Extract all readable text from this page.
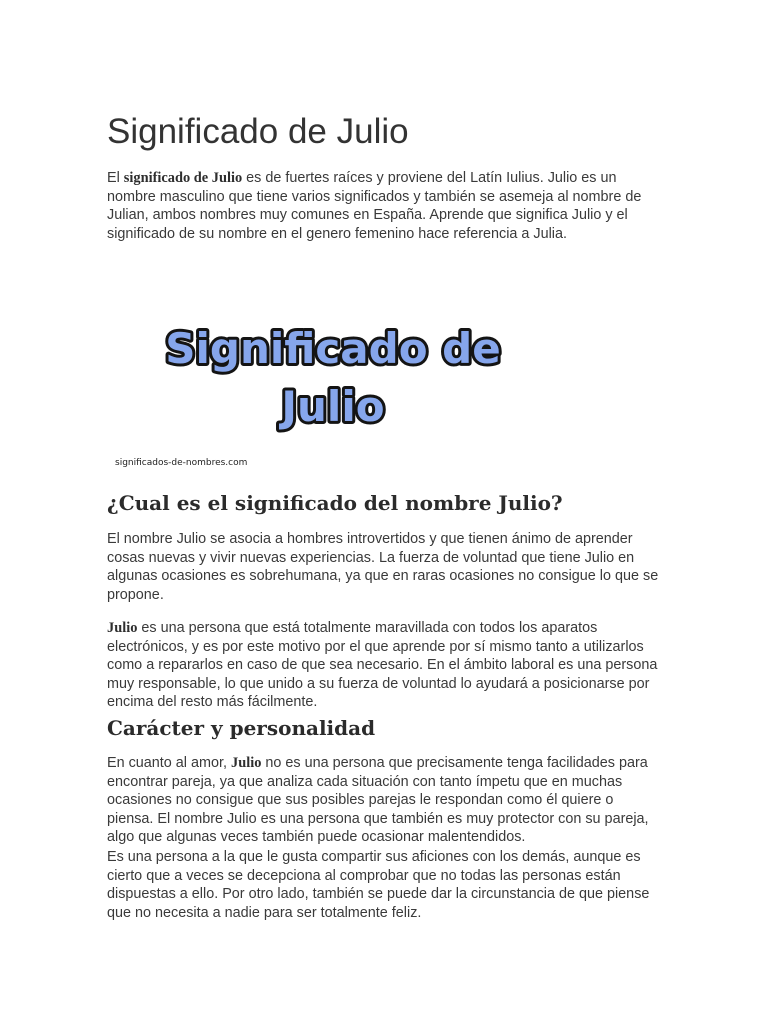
Significado de Julio

El significado de Julio es de fuertes raíces y proviene del Latín Iulius. Julio es un nombre masculino que tiene varios significados y también se asemeja al nombre de Julian, ambos nombres muy comunes en España. Aprende que significa Julio y el significado de su nombre en el genero femenino hace referencia a Julia.

Significado de
Julio
significados-de-nombres.com
¿Cual es el significado del nombre Julio?

El nombre Julio se asocia a hombres introvertidos y que tienen ánimo de aprender cosas nuevas y vivir nuevas experiencias. La fuerza de voluntad que tiene Julio en algunas ocasiones es sobrehumana, ya que en raras ocasiones no consigue lo que se propone.

Julio es una persona que está totalmente maravillada con todos los aparatos electrónicos, y es por este motivo por el que aprende por sí mismo tanto a utilizarlos como a repararlos en caso de que sea necesario. En el ámbito laboral es una persona muy responsable, lo que unido a su fuerza de voluntad lo ayudará a posicionarse por encima del resto más fácilmente.

Carácter y personalidad

En cuanto al amor, Julio no es una persona que precisamente tenga facilidades para encontrar pareja, ya que analiza cada situación con tanto ímpetu que en muchas ocasiones no consigue que sus posibles parejas le respondan como él quiere o piensa. El nombre Julio es una persona que también es muy protector con su pareja, algo que algunas veces también puede ocasionar malentendidos.

Es una persona a la que le gusta compartir sus aficiones con los demás, aunque es cierto que a veces se decepciona al comprobar que no todas las personas están dispuestas a ello. Por otro lado, también se puede dar la circunstancia de que piense que no necesita a nadie para ser totalmente feliz.
